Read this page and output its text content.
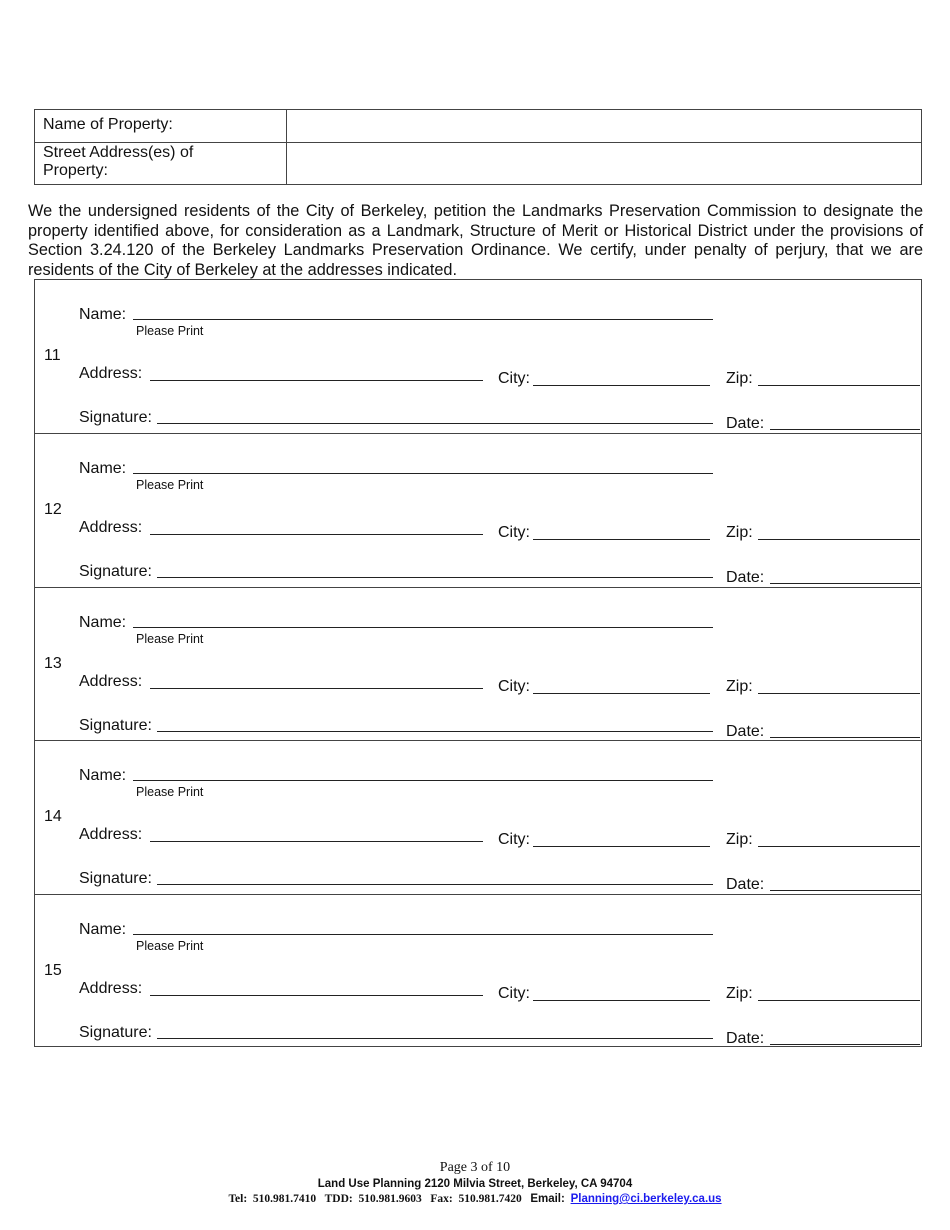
Name of Property:	
Street Address(es) of
Property:	
We the undersigned residents of the City of Berkeley, petition the Landmarks Preservation Commission to designate the property identified above, for consideration as a Landmark, Structure of Merit or Historical District under the provisions of Section 3.24.120 of the Berkeley Landmarks Preservation Ordinance. We certify, under penalty of perjury, that we are residents of the City of Berkeley at the addresses indicated.
11
Name:
Please Print
Address:	City:	Zip:
Signature:	Date:
12
Name:
Please Print
Address:	City:	Zip:
Signature:	Date:
13
Name:
Please Print
Address:	City:	Zip:
Signature:	Date:
14
Name:
Please Print
Address:	City:	Zip:
Signature:	Date:
15
Name:
Please Print
Address:	City:	Zip:
Signature:	Date:
Page 3 of 10
Land Use Planning 2120 Milvia Street, Berkeley, CA 94704
Tel:  510.981.7410   TDD:  510.981.9603   Fax:  510.981.7420 Email: Planning@ci.berkeley.ca.us
